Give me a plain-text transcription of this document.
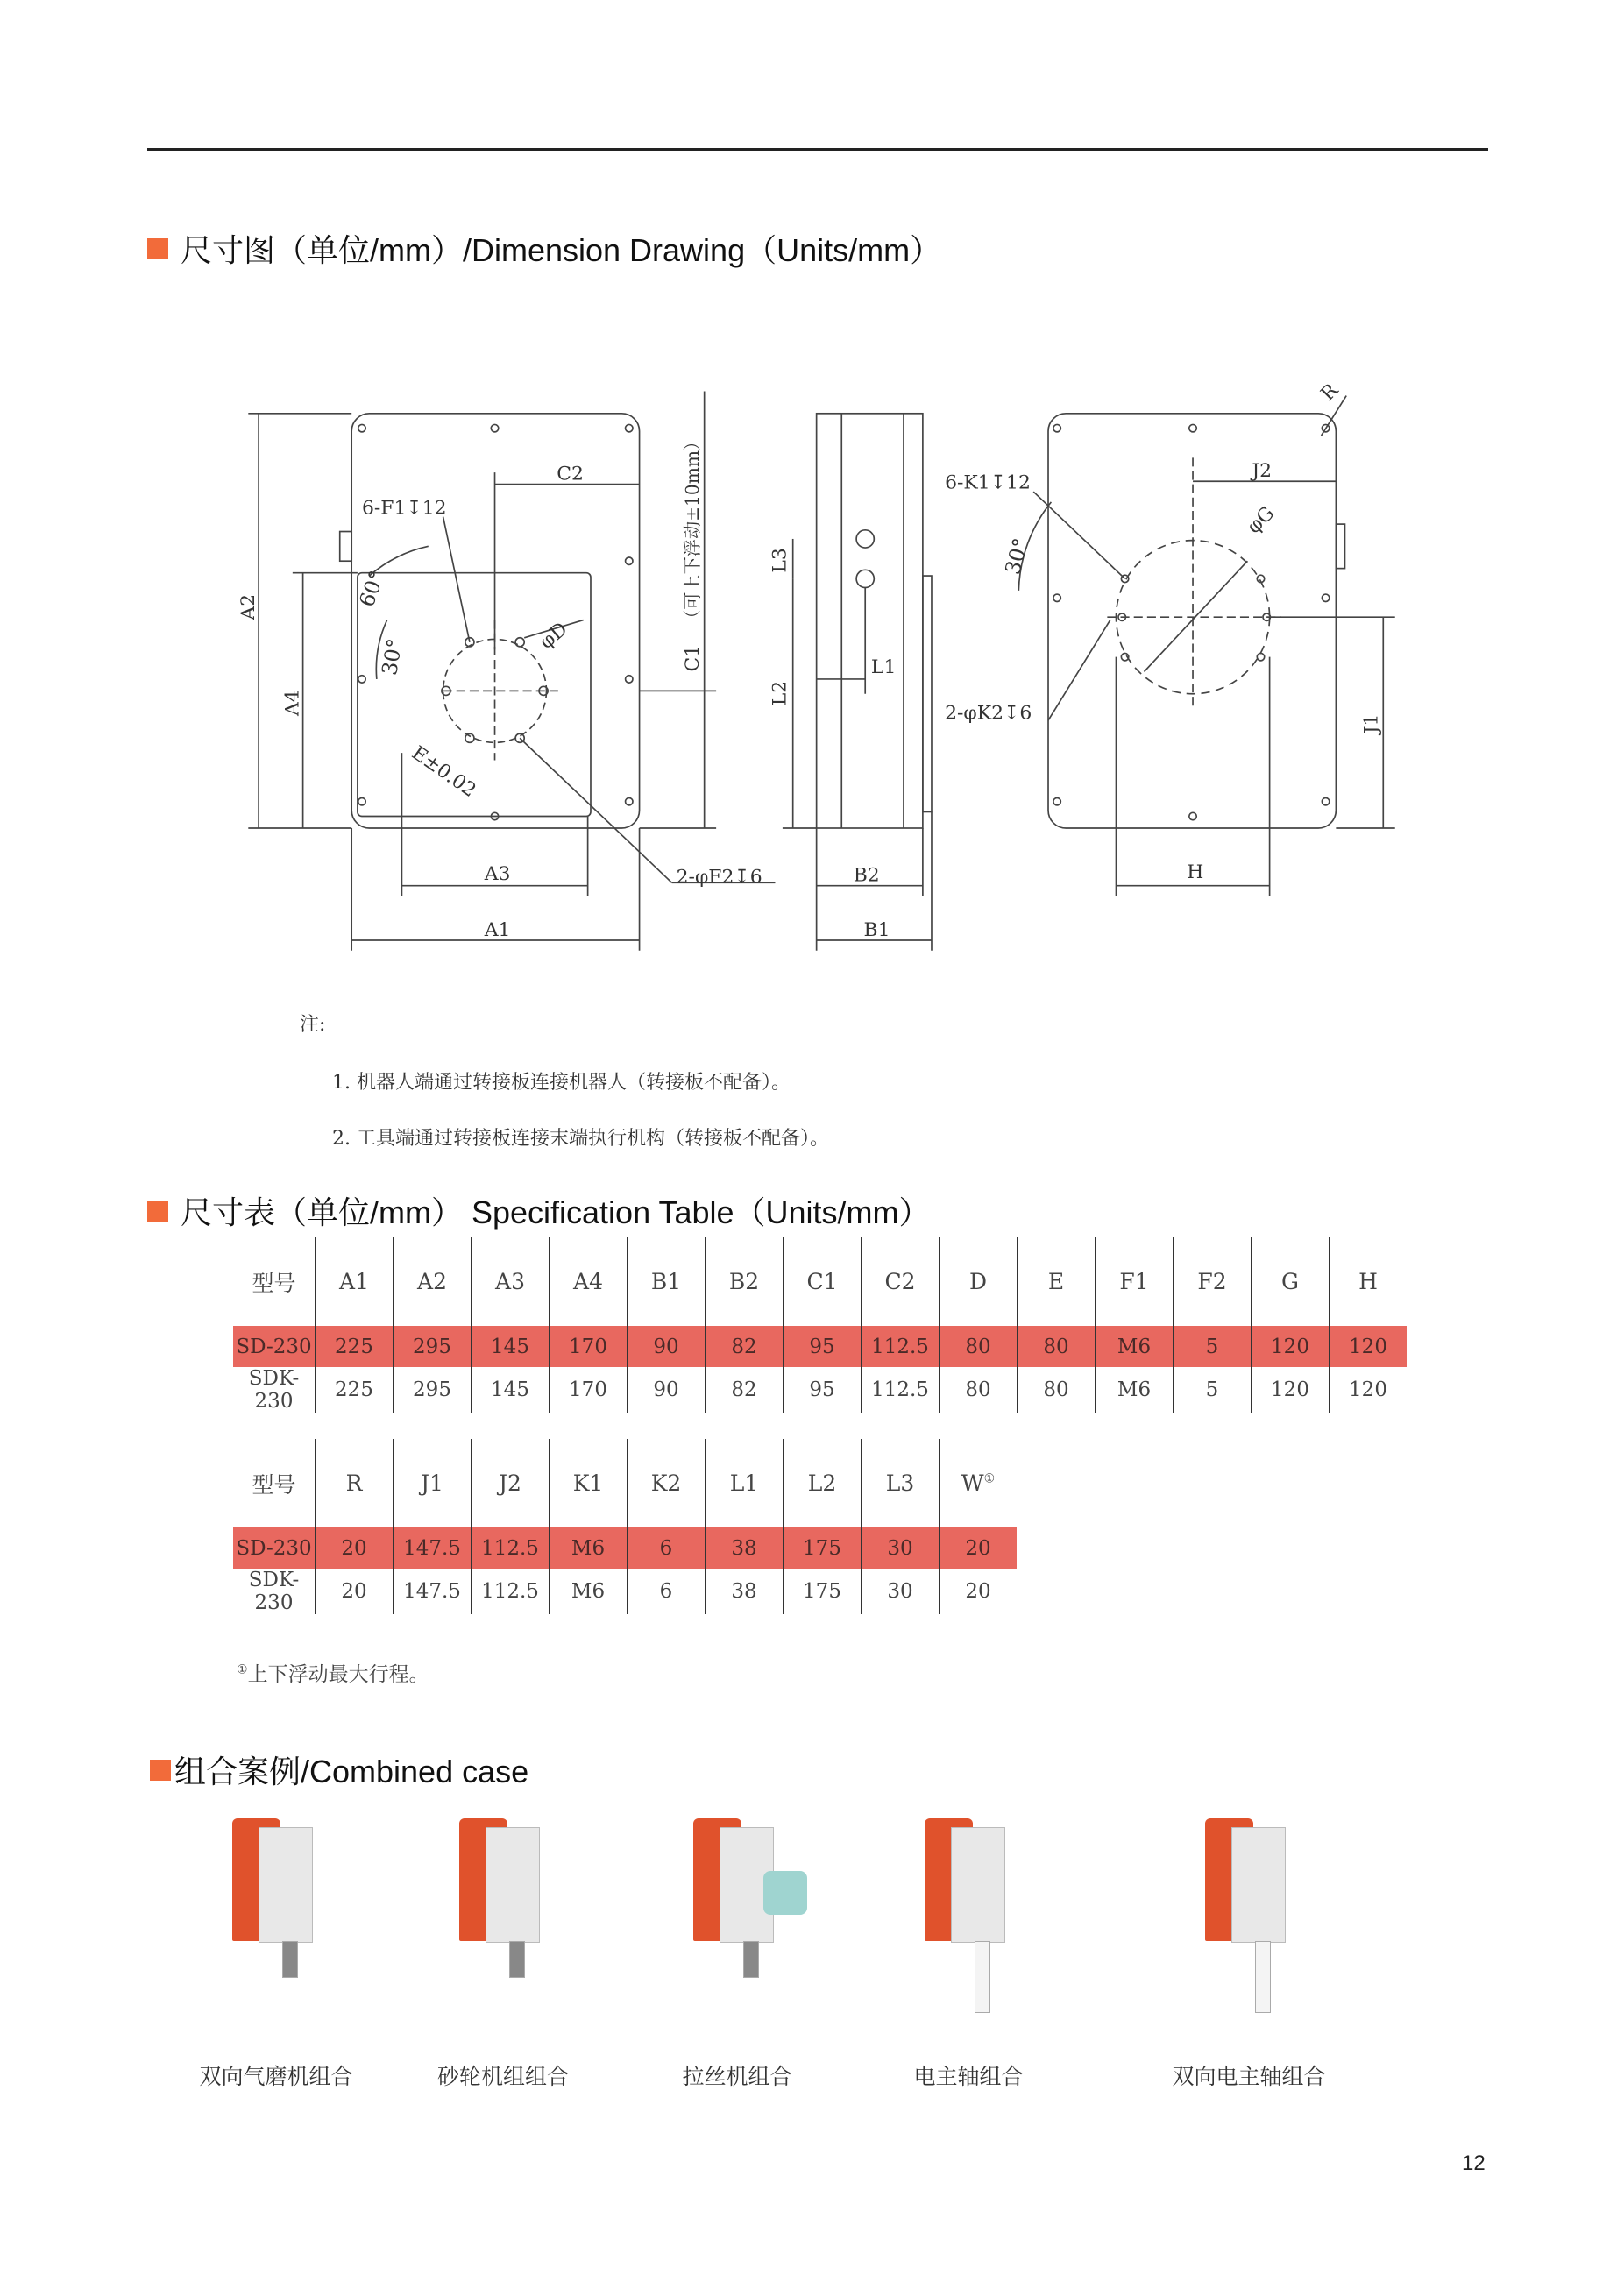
尺寸图（单位/mm）/Dimension Drawing（Units/mm）
A2
A4
A3
A1
C1
（可上下浮动±10mm）
C2
6-F1↧12
60°
30°
φD
E±0.02
2-φF2↧6
L3
L2
L1
B2
B1
R
J2
φG
6-K1↧12
30°
2-φK2↧6	J1
H
注:
1. 机器人端通过转接板连接机器人（转接板不配备）。
2. 工具端通过转接板连接末端执行机构（转接板不配备）。
尺寸表（单位/mm） Specification Table（Units/mm）
型号	A1	A2	A3	A4	B1	B2	C1	C2	D	E	F1	F2	G	H
SD-230	225	295	145	170	90	82	95	112.5	80	80	M6	5	120	120
SDK-230	225	295	145	170	90	82	95	112.5	80	80	M6	5	120	120
型号	R	J1	J2	K1	K2	L1	L2	L3	W①
SD-230	20	147.5	112.5	M6	6	38	175	30	20
SDK-230	20	147.5	112.5	M6	6	38	175	30	20
①上下浮动最大行程。
组合案例/Combined case
双向气磨机组合	砂轮机组组合	拉丝机组合	电主轴组合	双向电主轴组合
12
